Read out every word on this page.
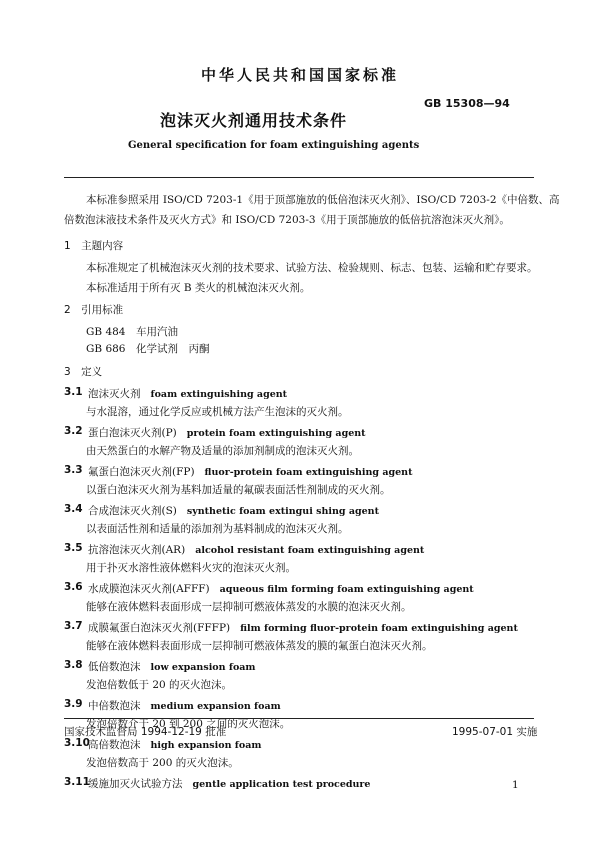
中华人民共和国国家标准
GB 15308—94
泡沫灭火剂通用技术条件
General specification for foam extinguishing agents
本标准参照采用 ISO/CD 7203-1《用于顶部施放的低倍泡沫灭火剂》、ISO/CD 7203-2《中倍数、高
倍数泡沫液技术条件及灭火方式》和 ISO/CD 7203-3《用于顶部施放的低倍抗溶泡沫灭火剂》。
1　主题内容
本标准规定了机械泡沫灭火剂的技术要求、试验方法、检验规则、标志、包装、运输和贮存要求。
本标准适用于所有灭 B 类火的机械泡沫灭火剂。
2　引用标准
GB 484　车用汽油
GB 686　化学试剂　丙酮
3　定义
3.1 泡沫灭火剂 foam extinguishing agent
与水混溶，通过化学反应或机械方法产生泡沫的灭火剂。
3.2 蛋白泡沫灭火剂(P) protein foam extinguishing agent
由天然蛋白的水解产物及适量的添加剂制成的泡沫灭火剂。
3.3 氟蛋白泡沫灭火剂(FP) fluor-protein foam extinguishing agent
以蛋白泡沫灭火剂为基料加适量的氟碳表面活性剂制成的灭火剂。
3.4 合成泡沫灭火剂(S) synthetic foam extingui shing agent
以表面活性剂和适量的添加剂为基料制成的泡沫灭火剂。
3.5 抗溶泡沫灭火剂(AR) alcohol resistant foam extinguishing agent
用于扑灭水溶性液体燃料火灾的泡沫灭火剂。
3.6 水成膜泡沫灭火剂(AFFF) aqueous film forming foam extinguishing agent
能够在液体燃料表面形成一层抑制可燃液体蒸发的水膜的泡沫灭火剂。
3.7 成膜氟蛋白泡沫灭火剂(FFFP) film forming fluor-protein foam extinguishing agent
能够在液体燃料表面形成一层抑制可燃液体蒸发的膜的氟蛋白泡沫灭火剂。
3.8 低倍数泡沫 low expansion foam
发泡倍数低于 20 的灭火泡沫。
3.9 中倍数泡沫 medium expansion foam
发泡倍数介于 20 到 200 之间的灭火泡沫。
3.10
高倍数泡沫 high expansion foam
发泡倍数高于 200 的灭火泡沫。
3.11
缓施加灭火试验方法 gentle application test procedure
国家技术监督局 1994-12-19 批准	1995-07-01 实施
1
